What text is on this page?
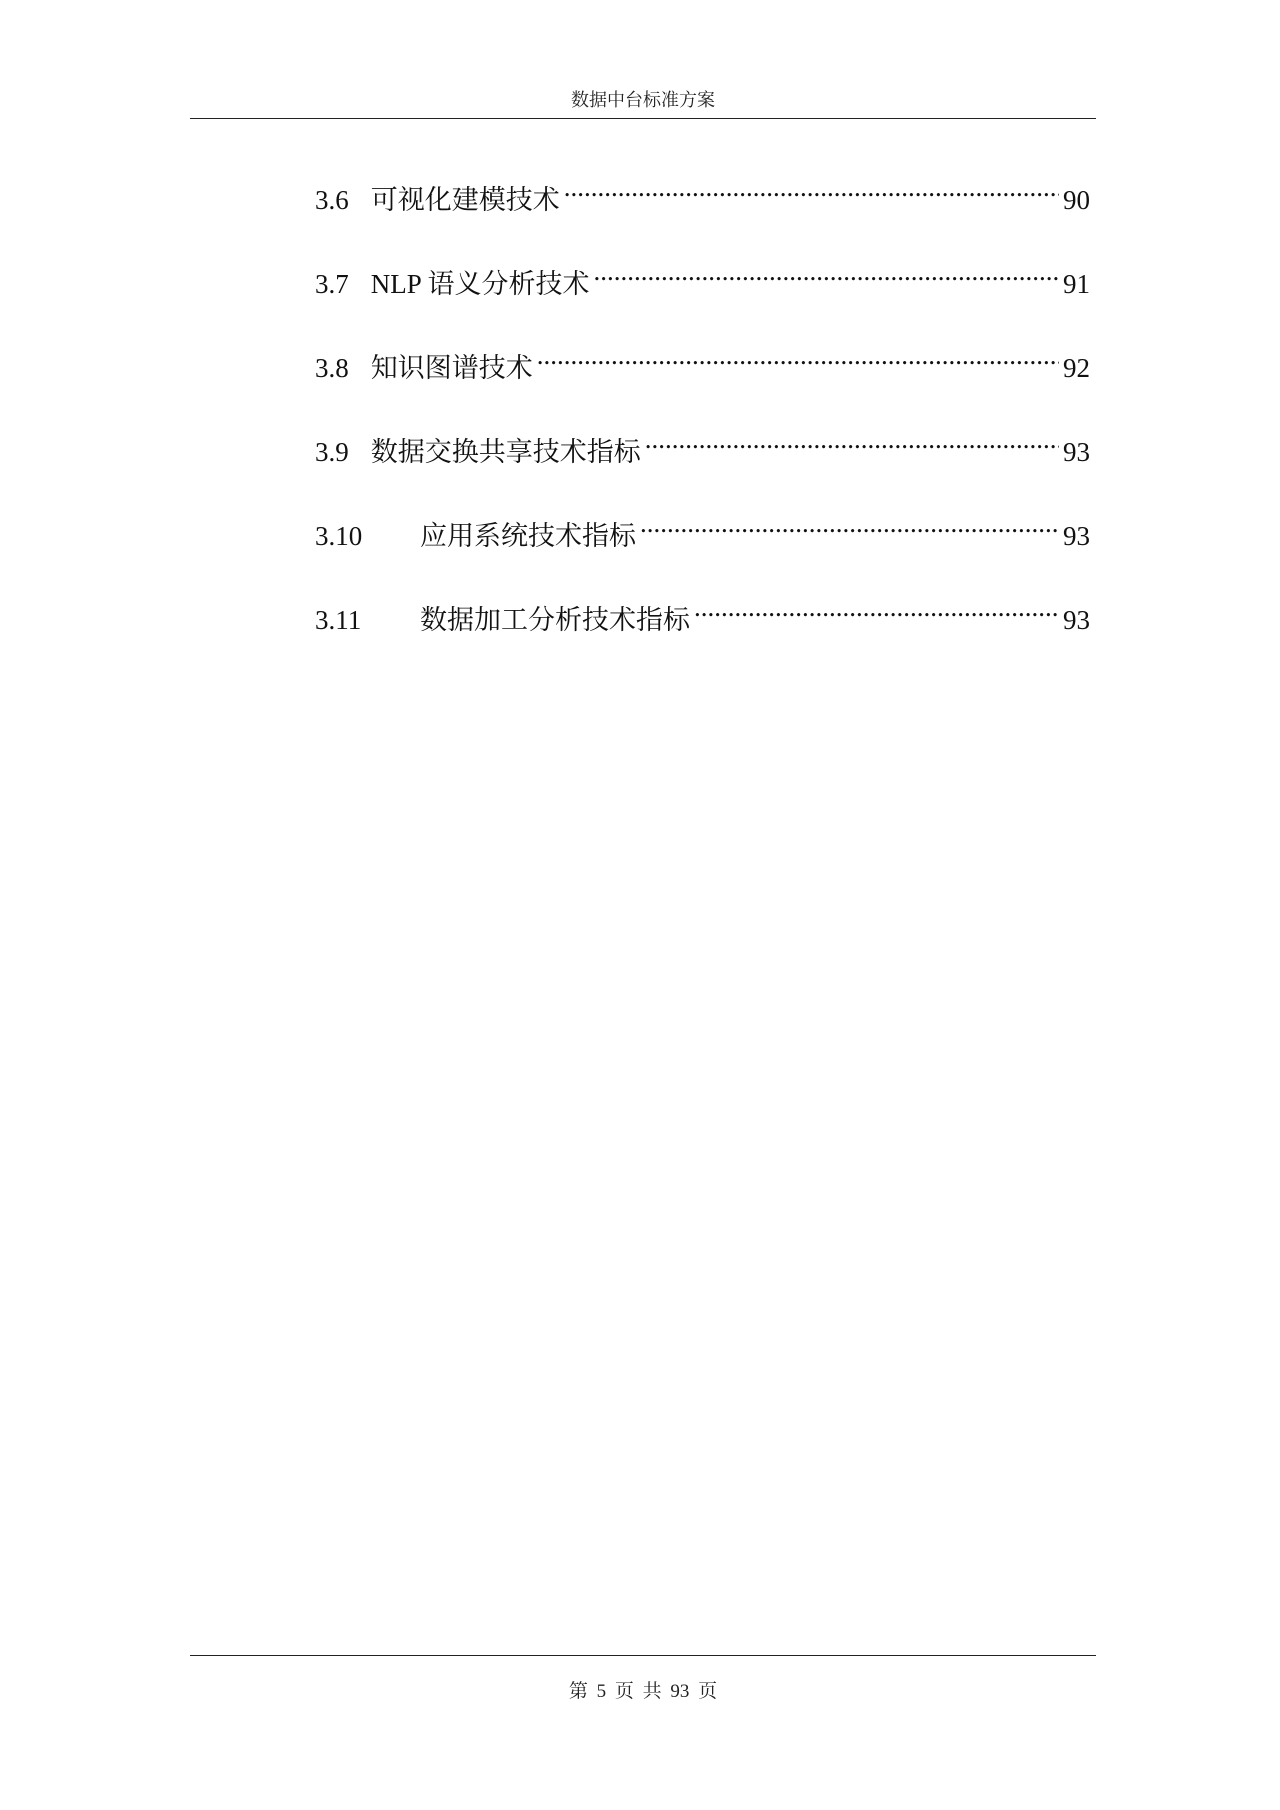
数据中台标准方案
3.6 可视化建模技术 .....	90
3.7 NLP 语义分析技术 .....	91
3.8 知识图谱技术 .....	92
3.9 数据交换共享技术指标 .....	93
3.10	应用系统技术指标 .....	93
3.11	数据加工分析技术指标 .....	93
第 5 页 共 93 页
